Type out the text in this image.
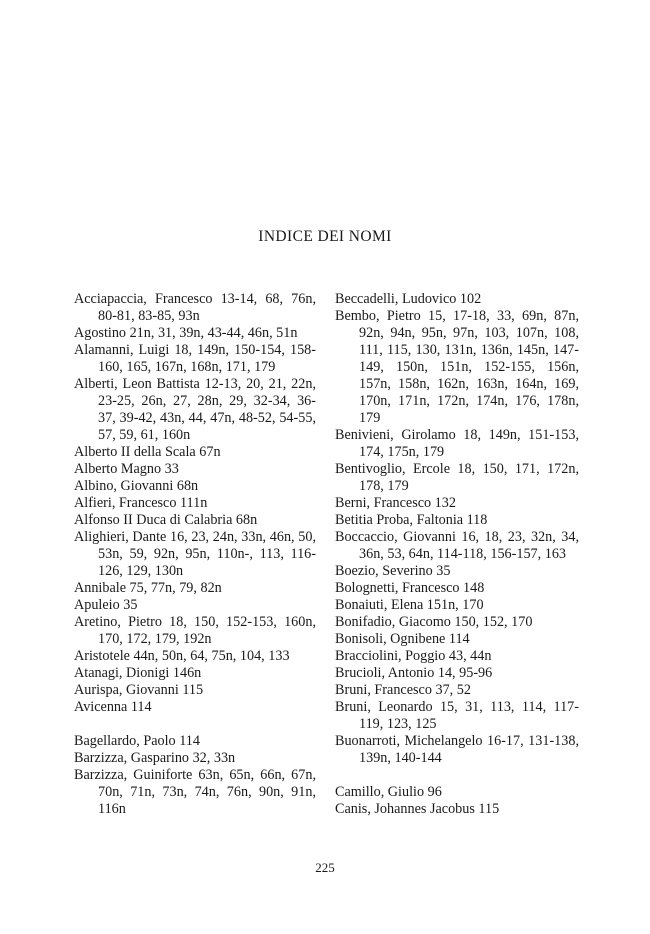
INDICE DEI NOMI

Acciapaccia, Francesco 13-14, 68, 76n, 80-81, 83-85, 93n

Agostino 21n, 31, 39n, 43-44, 46n, 51n

Alamanni, Luigi 18, 149n, 150-154, 158-160, 165, 167n, 168n, 171, 179

Alberti, Leon Battista 12-13, 20, 21, 22n, 23-25, 26n, 27, 28n, 29, 32-34, 36- 37, 39-42, 43n, 44, 47n, 48-52, 54-55, 57, 59, 61, 160n

Alberto II della Scala 67n

Alberto Magno 33

Albino, Giovanni 68n

Alfieri, Francesco 111n

Alfonso II Duca di Calabria 68n

Alighieri, Dante 16, 23, 24n, 33n, 46n, 50, 53n, 59, 92n, 95n, 110n-, 113, 116-126, 129, 130n

Annibale 75, 77n, 79, 82n

Apuleio 35

Aretino, Pietro 18, 150, 152-153, 160n, 170, 172, 179, 192n

Aristotele 44n, 50n, 64, 75n, 104, 133

Atanagi, Dionigi 146n

Aurispa, Giovanni 115

Avicenna 114

Bagellardo, Paolo 114

Barzizza, Gasparino 32, 33n

Barzizza, Guiniforte 63n, 65n, 66n, 67n, 70n, 71n, 73n, 74n, 76n, 90n, 91n, 116n

Beccadelli, Ludovico 102

Bembo, Pietro 15, 17-18, 33, 69n, 87n, 92n, 94n, 95n, 97n, 103, 107n, 108, 111, 115, 130, 131n, 136n, 145n, 147-149, 150n, 151n, 152-155, 156n, 157n, 158n, 162n, 163n, 164n, 169, 170n, 171n, 172n, 174n, 176, 178n, 179

Benivieni, Girolamo 18, 149n, 151-153, 174, 175n, 179

Bentivoglio, Ercole 18, 150, 171, 172n, 178, 179

Berni, Francesco 132

Betitia Proba, Faltonia 118

Boccaccio, Giovanni 16, 18, 23, 32n, 34, 36n, 53, 64n, 114-118, 156-157, 163

Boezio, Severino 35

Bolognetti, Francesco 148

Bonaiuti, Elena 151n, 170

Bonifadio, Giacomo 150, 152, 170

Bonisoli, Ognibene 114

Bracciolini, Poggio 43, 44n

Brucioli, Antonio 14, 95-96

Bruni, Francesco 37, 52

Bruni, Leonardo 15, 31, 113, 114, 117-119, 123, 125

Buonarroti, Michelangelo 16-17, 131-138, 139n, 140-144

Camillo, Giulio 96

Canis, Johannes Jacobus 115

225
